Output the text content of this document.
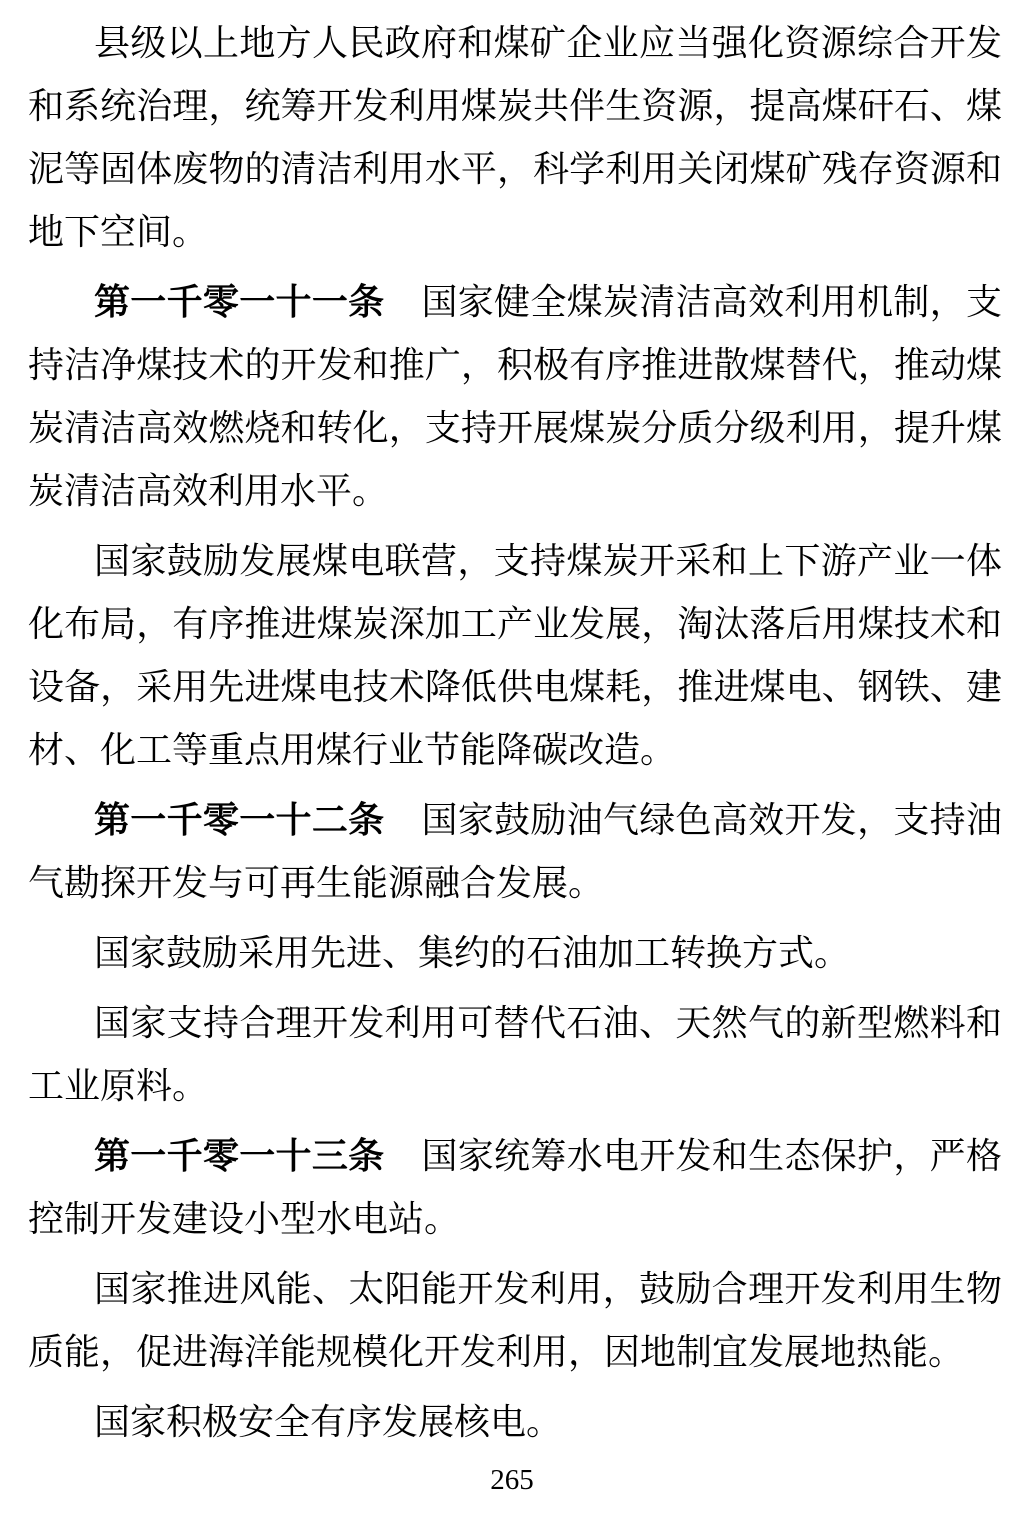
县级以上地方人民政府和煤矿企业应当强化资源综合开发和系统治理，统筹开发利用煤炭共伴生资源，提高煤矸石、煤泥等固体废物的清洁利用水平，科学利用关闭煤矿残存资源和地下空间。

第一千零一十一条 国家健全煤炭清洁高效利用机制，支持洁净煤技术的开发和推广，积极有序推进散煤替代，推动煤炭清洁高效燃烧和转化，支持开展煤炭分质分级利用，提升煤炭清洁高效利用水平。

国家鼓励发展煤电联营，支持煤炭开采和上下游产业一体化布局，有序推进煤炭深加工产业发展，淘汰落后用煤技术和设备，采用先进煤电技术降低供电煤耗，推进煤电、钢铁、建材、化工等重点用煤行业节能降碳改造。

第一千零一十二条 国家鼓励油气绿色高效开发，支持油气勘探开发与可再生能源融合发展。

国家鼓励采用先进、集约的石油加工转换方式。

国家支持合理开发利用可替代石油、天然气的新型燃料和工业原料。

第一千零一十三条 国家统筹水电开发和生态保护，严格控制开发建设小型水电站。

国家推进风能、太阳能开发利用，鼓励合理开发利用生物质能，促进海洋能规模化开发利用，因地制宜发展地热能。

国家积极安全有序发展核电。

265
